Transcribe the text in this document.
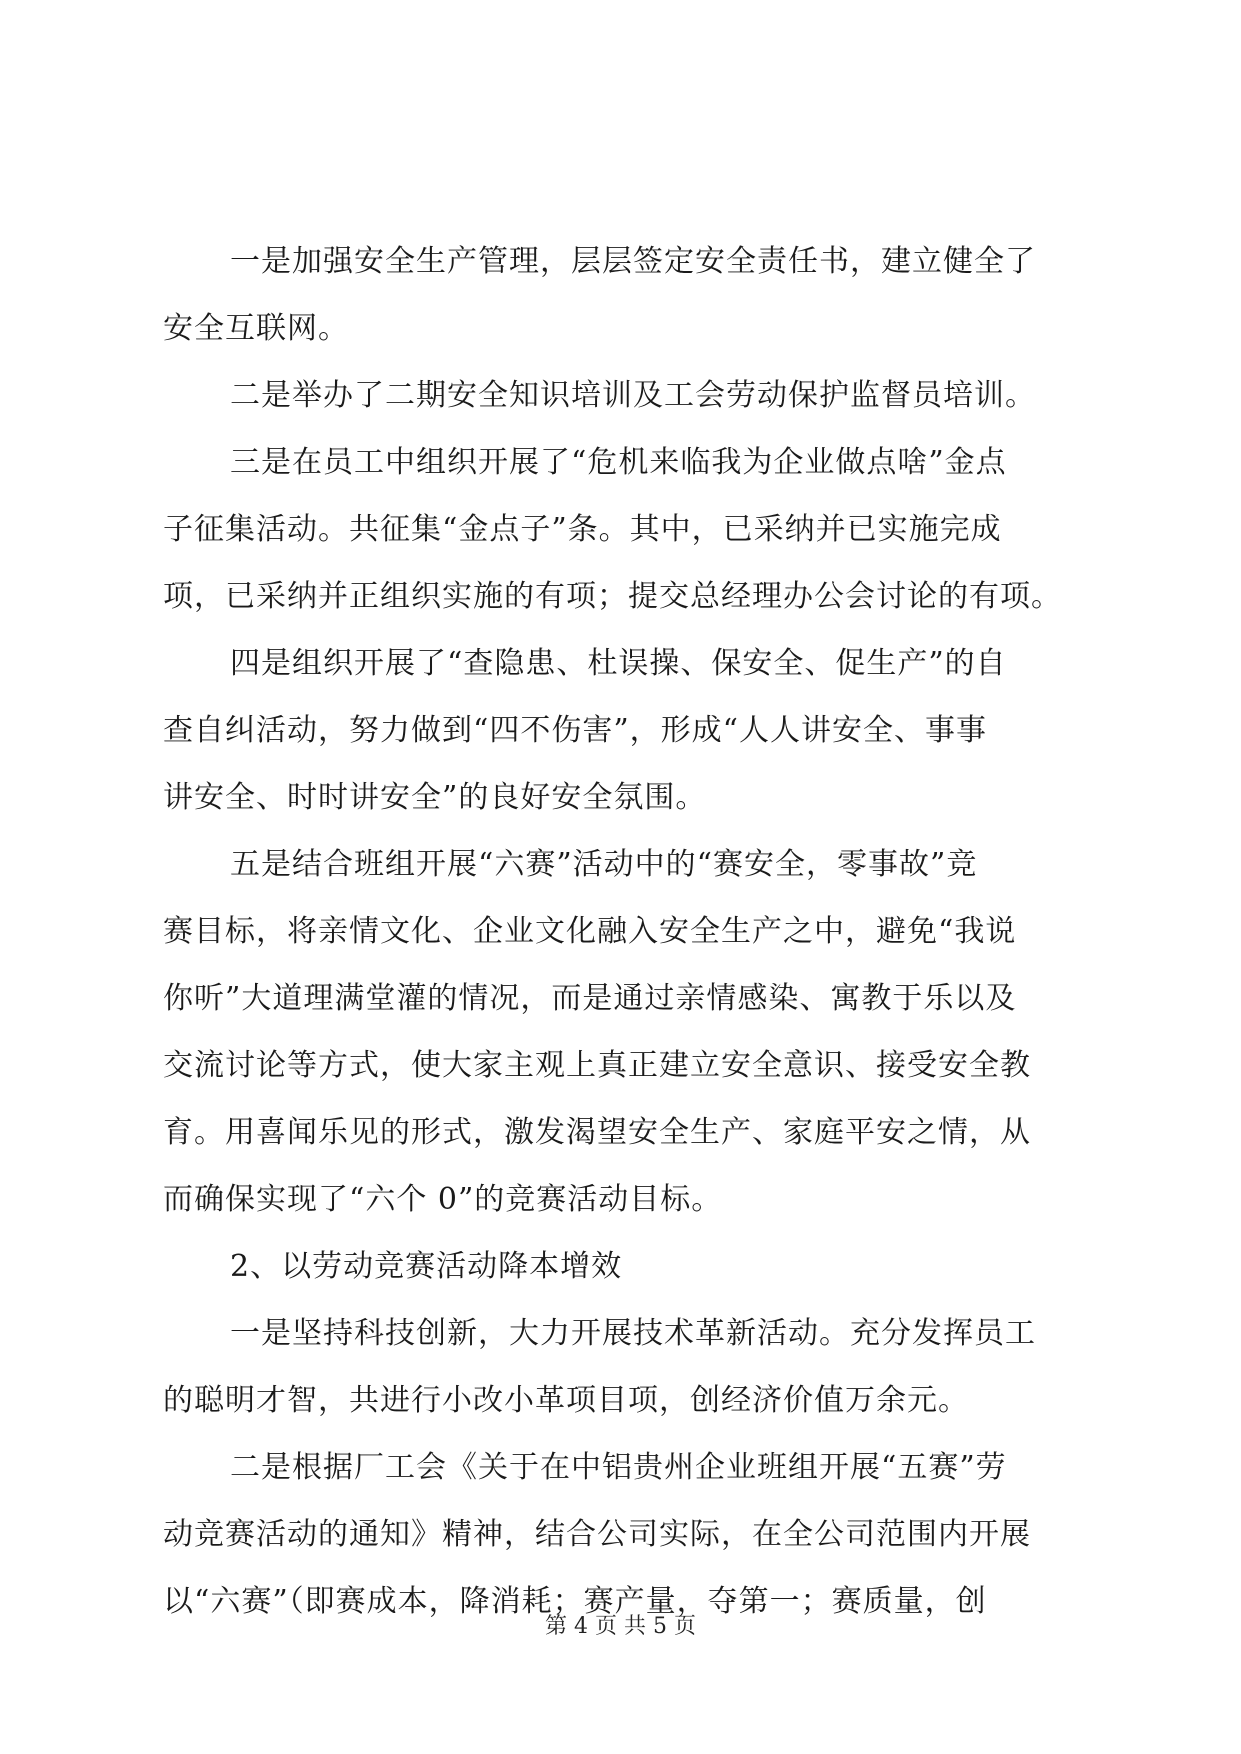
一是加强安全生产管理，层层签定安全责任书，建立健全了
安全互联网。
二是举办了二期安全知识培训及工会劳动保护监督员培训。
三是在员工中组织开展了“危机来临我为企业做点啥”金点
子征集活动。共征集“金点子”条。其中，已采纳并已实施完成
项，已采纳并正组织实施的有项；提交总经理办公会讨论的有项。
四是组织开展了“查隐患、杜误操、保安全、促生产”的自
查自纠活动，努力做到“四不伤害”，形成“人人讲安全、事事
讲安全、时时讲安全”的良好安全氛围。
五是结合班组开展“六赛”活动中的“赛安全，零事故”竞
赛目标，将亲情文化、企业文化融入安全生产之中，避免“我说
你听”大道理满堂灌的情况，而是通过亲情感染、寓教于乐以及
交流讨论等方式，使大家主观上真正建立安全意识、接受安全教
育。用喜闻乐见的形式，激发渴望安全生产、家庭平安之情，从
而确保实现了“六个 0”的竞赛活动目标。
2、以劳动竞赛活动降本增效
一是坚持科技创新，大力开展技术革新活动。充分发挥员工
的聪明才智，共进行小改小革项目项，创经济价值万余元。
二是根据厂工会《关于在中铝贵州企业班组开展“五赛”劳
动竞赛活动的通知》精神，结合公司实际，在全公司范围内开展
以“六赛”（即赛成本，降消耗；赛产量，夺第一；赛质量，创
第 4 页 共 5 页
